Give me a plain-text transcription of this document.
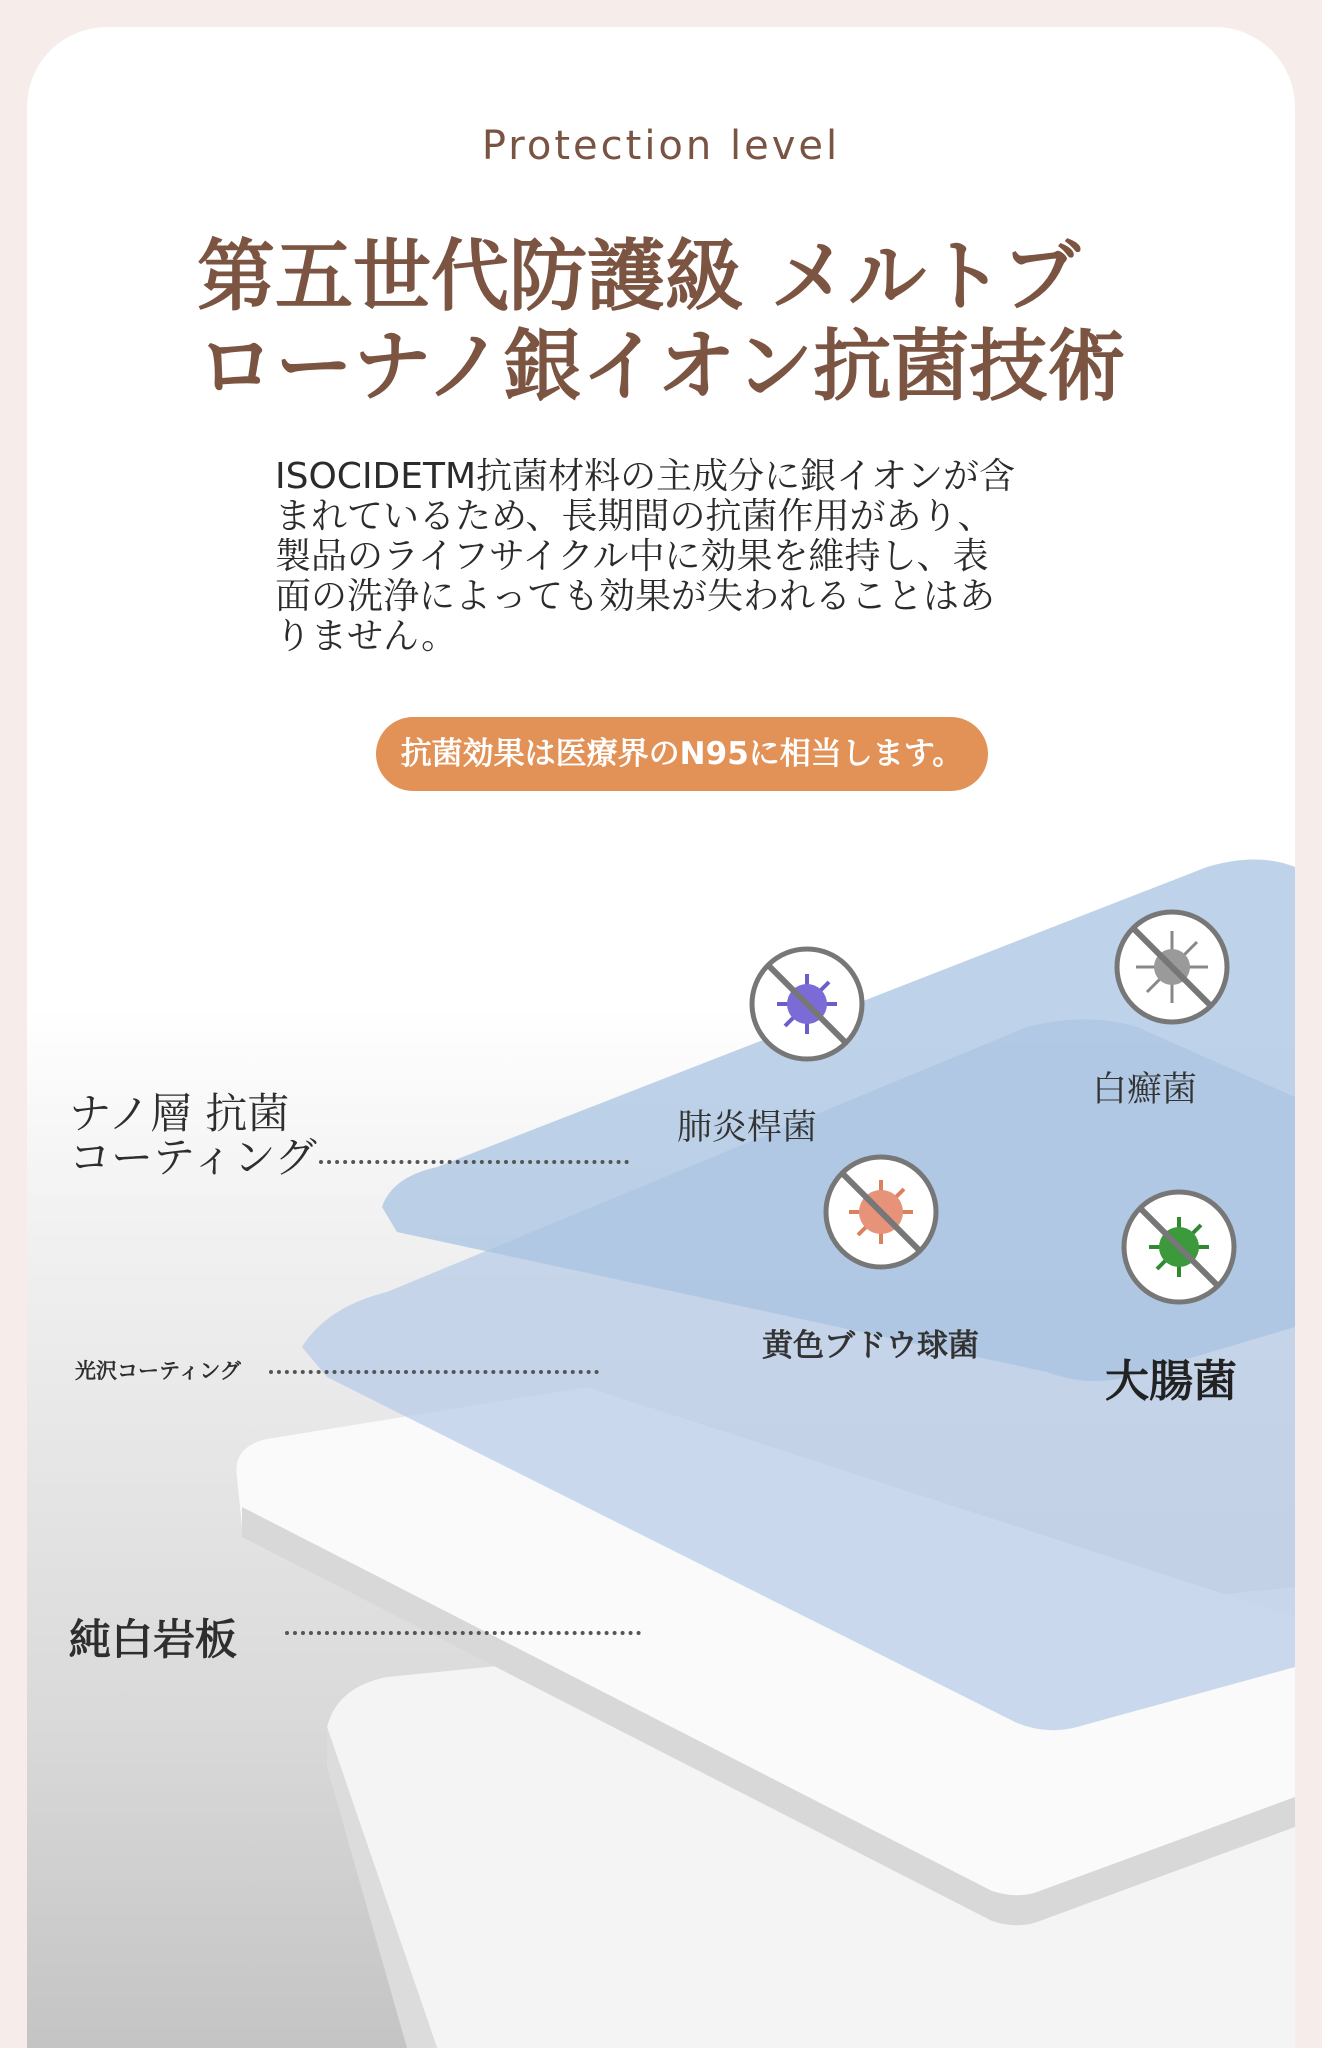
Protection level
第五世代防護級 メルトブ
ローナノ銀イオン抗菌技術
ISOCIDETM抗菌材料の主成分に銀イオンが含
まれているため、長期間の抗菌作用があり、
製品のライフサイクル中に効果を維持し、表
面の洗浄によっても効果が失われることはあ
りません。
抗菌効果は医療界のN95に相当します。
ナノ層 抗菌
コーティング
光沢コーティング
純白岩板
肺炎桿菌
白癬菌
黄色ブドウ球菌
大腸菌
